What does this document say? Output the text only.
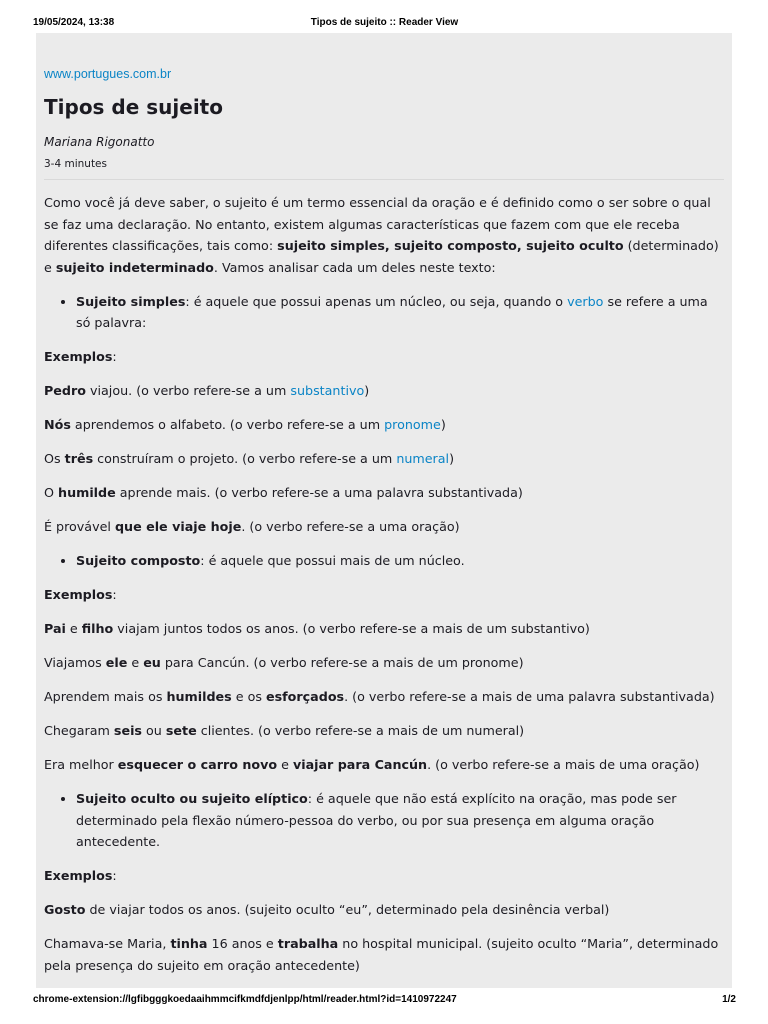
19/05/2024, 13:38	Tipos de sujeito :: Reader View
www.portugues.com.br
Tipos de sujeito
Mariana Rigonatto
3-4 minutes

Como você já deve saber, o sujeito é um termo essencial da oração e é definido como o ser sobre o qual se faz uma declaração. No entanto, existem algumas características que fazem com que ele receba diferentes classificações, tais como: sujeito simples, sujeito composto, sujeito oculto (determinado) e sujeito indeterminado. Vamos analisar cada um deles neste texto:

• Sujeito simples: é aquele que possui apenas um núcleo, ou seja, quando o verbo se refere a uma só palavra:

Exemplos:

Pedro viajou. (o verbo refere-se a um substantivo)

Nós aprendemos o alfabeto. (o verbo refere-se a um pronome)

Os três construíram o projeto. (o verbo refere-se a um numeral)

O humilde aprende mais. (o verbo refere-se a uma palavra substantivada)

É provável que ele viaje hoje. (o verbo refere-se a uma oração)

• Sujeito composto: é aquele que possui mais de um núcleo.

Exemplos:

Pai e filho viajam juntos todos os anos. (o verbo refere-se a mais de um substantivo)

Viajamos ele e eu para Cancún. (o verbo refere-se a mais de um pronome)

Aprendem mais os humildes e os esforçados. (o verbo refere-se a mais de uma palavra substantivada)

Chegaram seis ou sete clientes. (o verbo refere-se a mais de um numeral)

Era melhor esquecer o carro novo e viajar para Cancún. (o verbo refere-se a mais de uma oração)

• Sujeito oculto ou sujeito elíptico: é aquele que não está explícito na oração, mas pode ser determinado pela flexão número-pessoa do verbo, ou por sua presença em alguma oração antecedente.

Exemplos:

Gosto de viajar todos os anos. (sujeito oculto “eu”, determinado pela desinência verbal)

Chamava-se Maria, tinha 16 anos e trabalha no hospital municipal. (sujeito oculto “Maria”, determinado pela presença do sujeito em oração antecedente)

chrome-extension://lgfibgggkoedaaihmmcifkmdfdjenlpp/html/reader.html?id=1410972247	1/2
